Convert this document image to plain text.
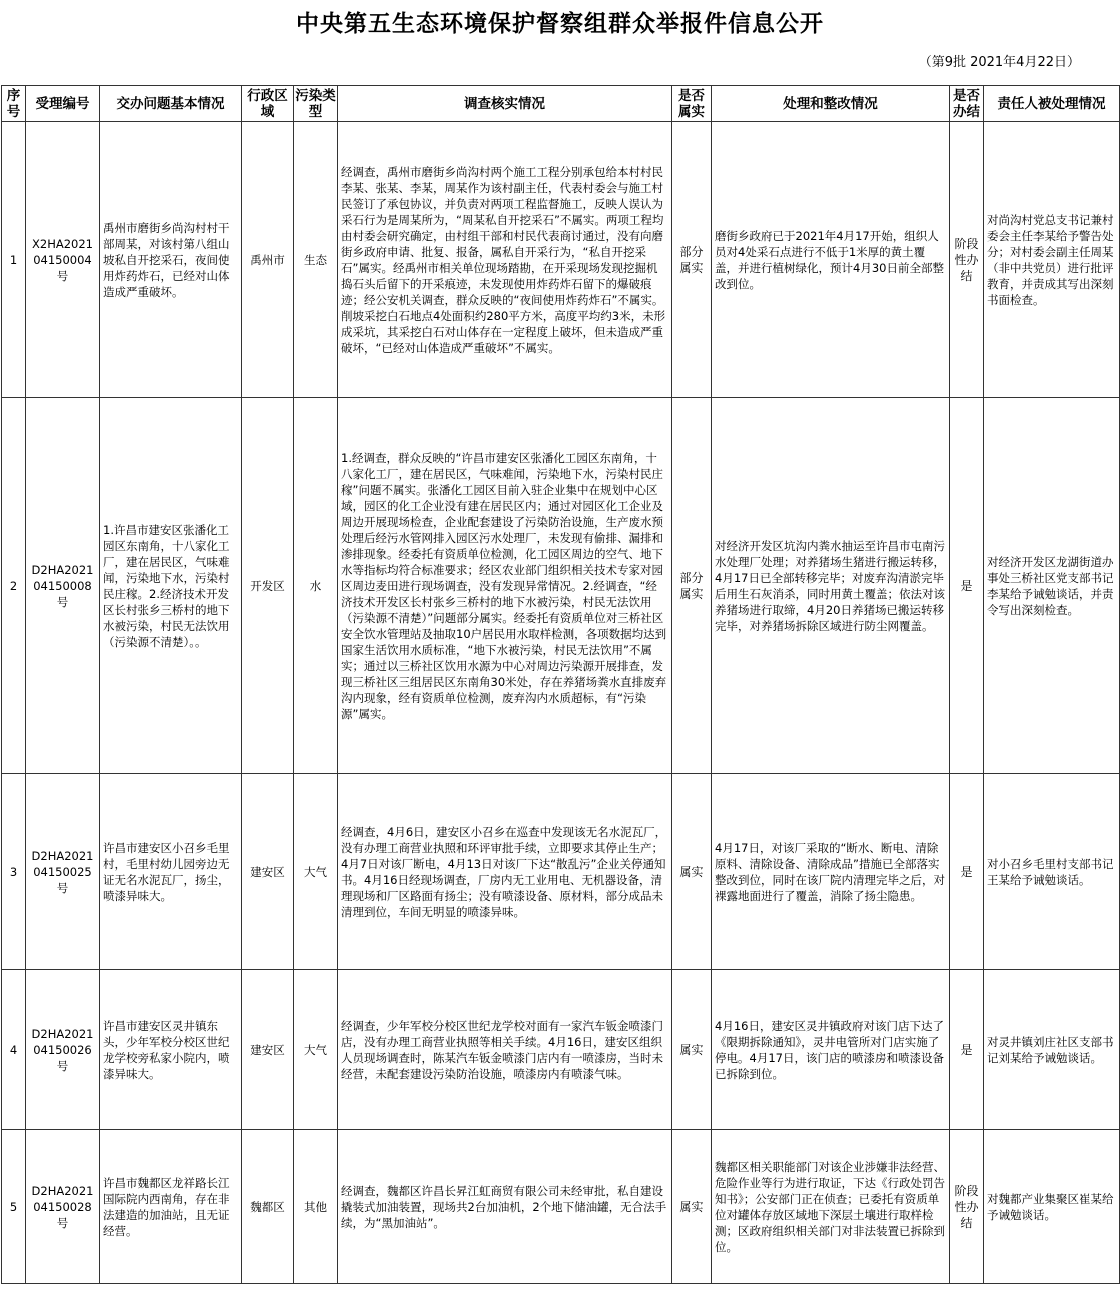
中央第五生态环境保护督察组群众举报件信息公开
（第9批 2021年4月22日）
序号	受理编号	交办问题基本情况	行政区域	污染类型	调查核实情况	是否属实	处理和整改情况	是否办结	责任人被处理情况
1	X2HA202104150004号	禹州市磨街乡尚沟村村干部周某，对该村第八组山坡私自开挖采石，夜间使用炸药炸石，已经对山体造成严重破坏。	禹州市	生态	经调查，禹州市磨街乡尚沟村两个施工工程分别承包给本村村民李某、张某、李某，周某作为该村副主任，代表村委会与施工村民签订了承包协议，并负责对两项工程监督施工，反映人误认为采石行为是周某所为，“周某私自开挖采石”不属实。两项工程均由村委会研究确定，由村组干部和村民代表商讨通过，没有向磨街乡政府申请、批复、报备，属私自开采行为，“私自开挖采石”属实。经禹州市相关单位现场踏勘，在开采现场发现挖掘机捣石头后留下的开采痕迹，未发现使用炸药炸石留下的爆破痕迹；经公安机关调查，群众反映的“夜间使用炸药炸石”不属实。削坡采挖白石地点4处面积约280平方米，高度平均约3米，未形成采坑，其采挖白石对山体存在一定程度上破坏，但未造成严重破坏，“已经对山体造成严重破坏”不属实。	部分属实	磨街乡政府已于2021年4月17开始，组织人员对4处采石点进行不低于1米厚的黄土覆盖，并进行植树绿化，预计4月30日前全部整改到位。	阶段性办结	对尚沟村党总支书记兼村委会主任李某给予警告处分；对村委会副主任周某（非中共党员）进行批评教育，并责成其写出深刻书面检查。
2	D2HA202104150008号	1.许昌市建安区张潘化工园区东南角，十八家化工厂，建在居民区，气味难闻，污染地下水，污染村民庄稼。2.经济技术开发区长村张乡三桥村的地下水被污染，村民无法饮用（污染源不清楚）。。	开发区	水	1.经调查，群众反映的“许昌市建安区张潘化工园区东南角，十八家化工厂，建在居民区，气味难闻，污染地下水，污染村民庄稼”问题不属实。张潘化工园区目前入驻企业集中在规划中心区域，园区的化工企业没有建在居民区内；通过对园区化工企业及周边开展现场检查，企业配套建设了污染防治设施，生产废水预处理后经污水管网排入园区污水处理厂，未发现有偷排、漏排和渗排现象。经委托有资质单位检测，化工园区周边的空气、地下水等指标均符合标准要求；经区农业部门组织相关技术专家对园区周边麦田进行现场调查，没有发现异常情况。2.经调查，“经济技术开发区长村张乡三桥村的地下水被污染，村民无法饮用（污染源不清楚）”问题部分属实。经委托有资质单位对三桥社区安全饮水管理站及抽取10户居民用水取样检测，各项数据均达到国家生活饮用水质标准，“地下水被污染，村民无法饮用”不属实；通过以三桥社区饮用水源为中心对周边污染源开展排查，发现三桥社区三组居民区东南角30米处，存在养猪场粪水直排废弃沟内现象，经有资质单位检测，废弃沟内水质超标，有“污染源”属实。	部分属实	对经济开发区坑沟内粪水抽运至许昌市屯南污水处理厂处理；对养猪场生猪进行搬运转移，4月17日已全部转移完毕；对废弃沟清淤完毕后用生石灰消杀，同时用黄土覆盖；依法对该养猪场进行取缔，4月20日养猪场已搬运转移完毕，对养猪场拆除区域进行防尘网覆盖。	是	对经济开发区龙湖街道办事处三桥社区党支部书记李某给予诫勉谈话，并责令写出深刻检查。
3	D2HA202104150025号	许昌市建安区小召乡毛里村，毛里村幼儿园旁边无证无名水泥瓦厂，扬尘，喷漆异味大。	建安区	大气	经调查，4月6日，建安区小召乡在巡查中发现该无名水泥瓦厂，没有办理工商营业执照和环评审批手续，立即要求其停止生产；4月7日对该厂断电，4月13日对该厂下达“散乱污”企业关停通知书。4月16日经现场调查，厂房内无工业用电、无机器设备，清理现场和厂区路面有扬尘；没有喷漆设备、原材料，部分成品未清理到位，车间无明显的喷漆异味。	属实	4月17日，对该厂采取的“断水、断电、清除原料、清除设备、清除成品”措施已全部落实整改到位，同时在该厂院内清理完毕之后，对裸露地面进行了覆盖，消除了扬尘隐患。	是	对小召乡毛里村支部书记王某给予诫勉谈话。
4	D2HA202104150026号	许昌市建安区灵井镇东头，少年军校分校区世纪龙学校旁私家小院内，喷漆异味大。	建安区	大气	经调查，少年军校分校区世纪龙学校对面有一家汽车钣金喷漆门店，没有办理工商营业执照等相关手续。4月16日，建安区组织人员现场调查时，陈某汽车钣金喷漆门店内有一喷漆房，当时未经营，未配套建设污染防治设施，喷漆房内有喷漆气味。	属实	4月16日，建安区灵井镇政府对该门店下达了《限期拆除通知》，灵井电管所对门店实施了停电。4月17日，该门店的喷漆房和喷漆设备已拆除到位。	是	对灵井镇刘庄社区支部书记刘某给予诫勉谈话。
5	D2HA202104150028号	许昌市魏都区龙祥路长江国际院内西南角，存在非法建造的加油站，且无证经营。	魏都区	其他	经调查，魏都区许昌长昇江虹商贸有限公司未经审批，私自建设撬装式加油装置，现场共2台加油机，2个地下储油罐，无合法手续，为“黑加油站”。	属实	魏都区相关职能部门对该企业涉嫌非法经营、危险作业等行为进行取证，下达《行政处罚告知书》；公安部门正在侦查；已委托有资质单位对罐体存放区域地下深层土壤进行取样检测；区政府组织相关部门对非法装置已拆除到位。	阶段性办结	对魏都产业集聚区崔某给予诫勉谈话。
